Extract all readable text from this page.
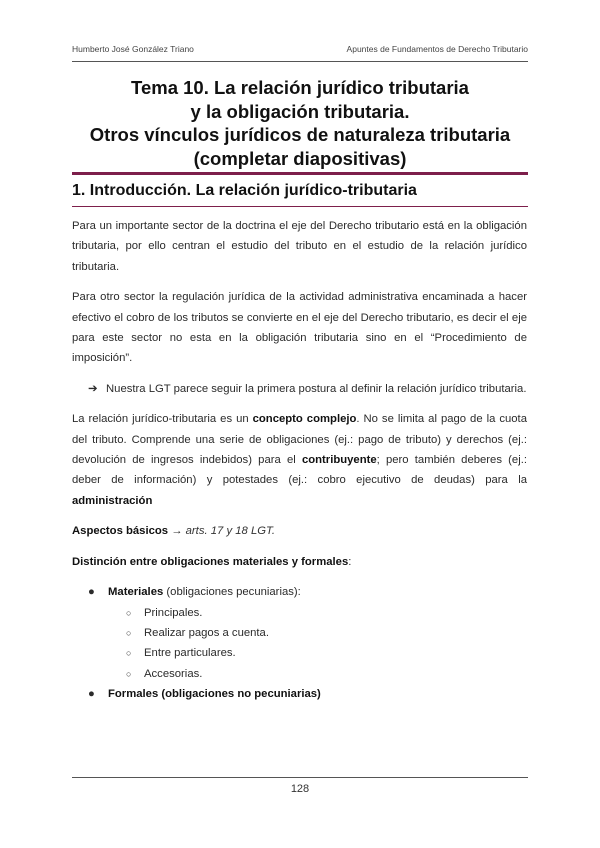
Humberto José González Triano	Apuntes de Fundamentos de Derecho Tributario
Tema 10. La relación jurídico tributaria
y la obligación tributaria.
Otros vínculos jurídicos de naturaleza tributaria
(completar diapositivas)
1. Introducción. La relación jurídico-tributaria

Para un importante sector de la doctrina el eje del Derecho tributario está en la obligación tributaria, por ello centran el estudio del tributo en el estudio de la relación jurídico tributaria.

Para otro sector la regulación jurídica de la actividad administrativa encaminada a hacer efectivo el cobro de los tributos se convierte en el eje del Derecho tributario, es decir el eje para este sector no esta en la obligación tributaria sino en el “Procedimiento de imposición”.

➔ Nuestra LGT parece seguir la primera postura al definir la relación jurídico tributaria.

La relación jurídico-tributaria es un concepto complejo. No se limita al pago de la cuota del tributo. Comprende una serie de obligaciones (ej.: pago de tributo) y derechos (ej.: devolución de ingresos indebidos) para el contribuyente; pero también deberes (ej.: deber de información) y potestades (ej.: cobro ejecutivo de deudas) para la administración

Aspectos básicos → arts. 17 y 18 LGT.

Distinción entre obligaciones materiales y formales:

● Materiales (obligaciones pecuniarias):
○ Principales.
○ Realizar pagos a cuenta.
○ Entre particulares.
○ Accesorias.
● Formales (obligaciones no pecuniarias)
128
